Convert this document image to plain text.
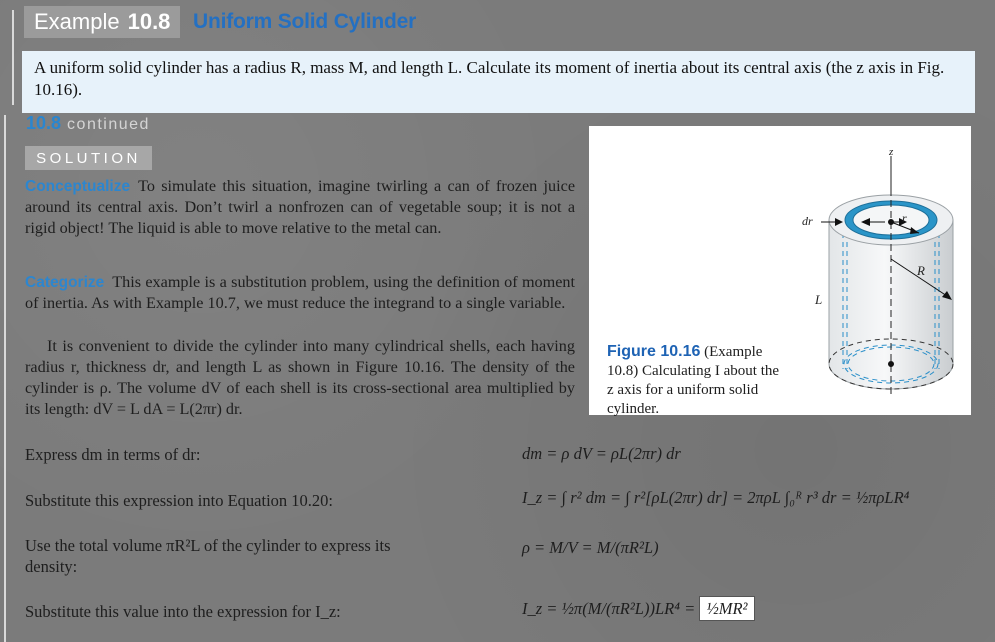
Example 10.8 Uniform Solid Cylinder
A uniform solid cylinder has a radius R, mass M, and length L. Calculate its moment of inertia about its central axis (the z axis in Fig. 10.16).
10.8 continued
SOLUTION
Conceptualize To simulate this situation, imagine twirling a can of frozen juice around its central axis. Don’t twirl a nonfrozen can of vegetable soup; it is not a rigid object! The liquid is able to move relative to the metal can.
Categorize This example is a substitution problem, using the definition of moment of inertia. As with Example 10.7, we must reduce the integrand to a single variable.
It is convenient to divide the cylinder into many cylindrical shells, each having radius r, thickness dr, and length L as shown in Figure 10.16. The density of the cylinder is ρ. The volume dV of each shell is its cross-sectional area multiplied by its length: dV = L dA = L(2πr) dr.
z
r
dr
R
L
Figure 10.16 (Example 10.8) Calculating I about the z axis for a uniform solid cylinder.
Express dm in terms of dr:	dm = ρ dV = ρL(2πr) dr
Substitute this expression into Equation 10.20:	I_z = ∫ r² dm = ∫ r²[ρL(2πr) dr] = 2πρL ∫₀ᴿ r³ dr = ½πρLR⁴
Use the total volume πR²L of the cylinder to express its density:
ρ = M/V = M/(πR²L)
Substitute this value into the expression for I_z:	I_z = ½π(M/(πR²L))LR⁴ = ½MR²
